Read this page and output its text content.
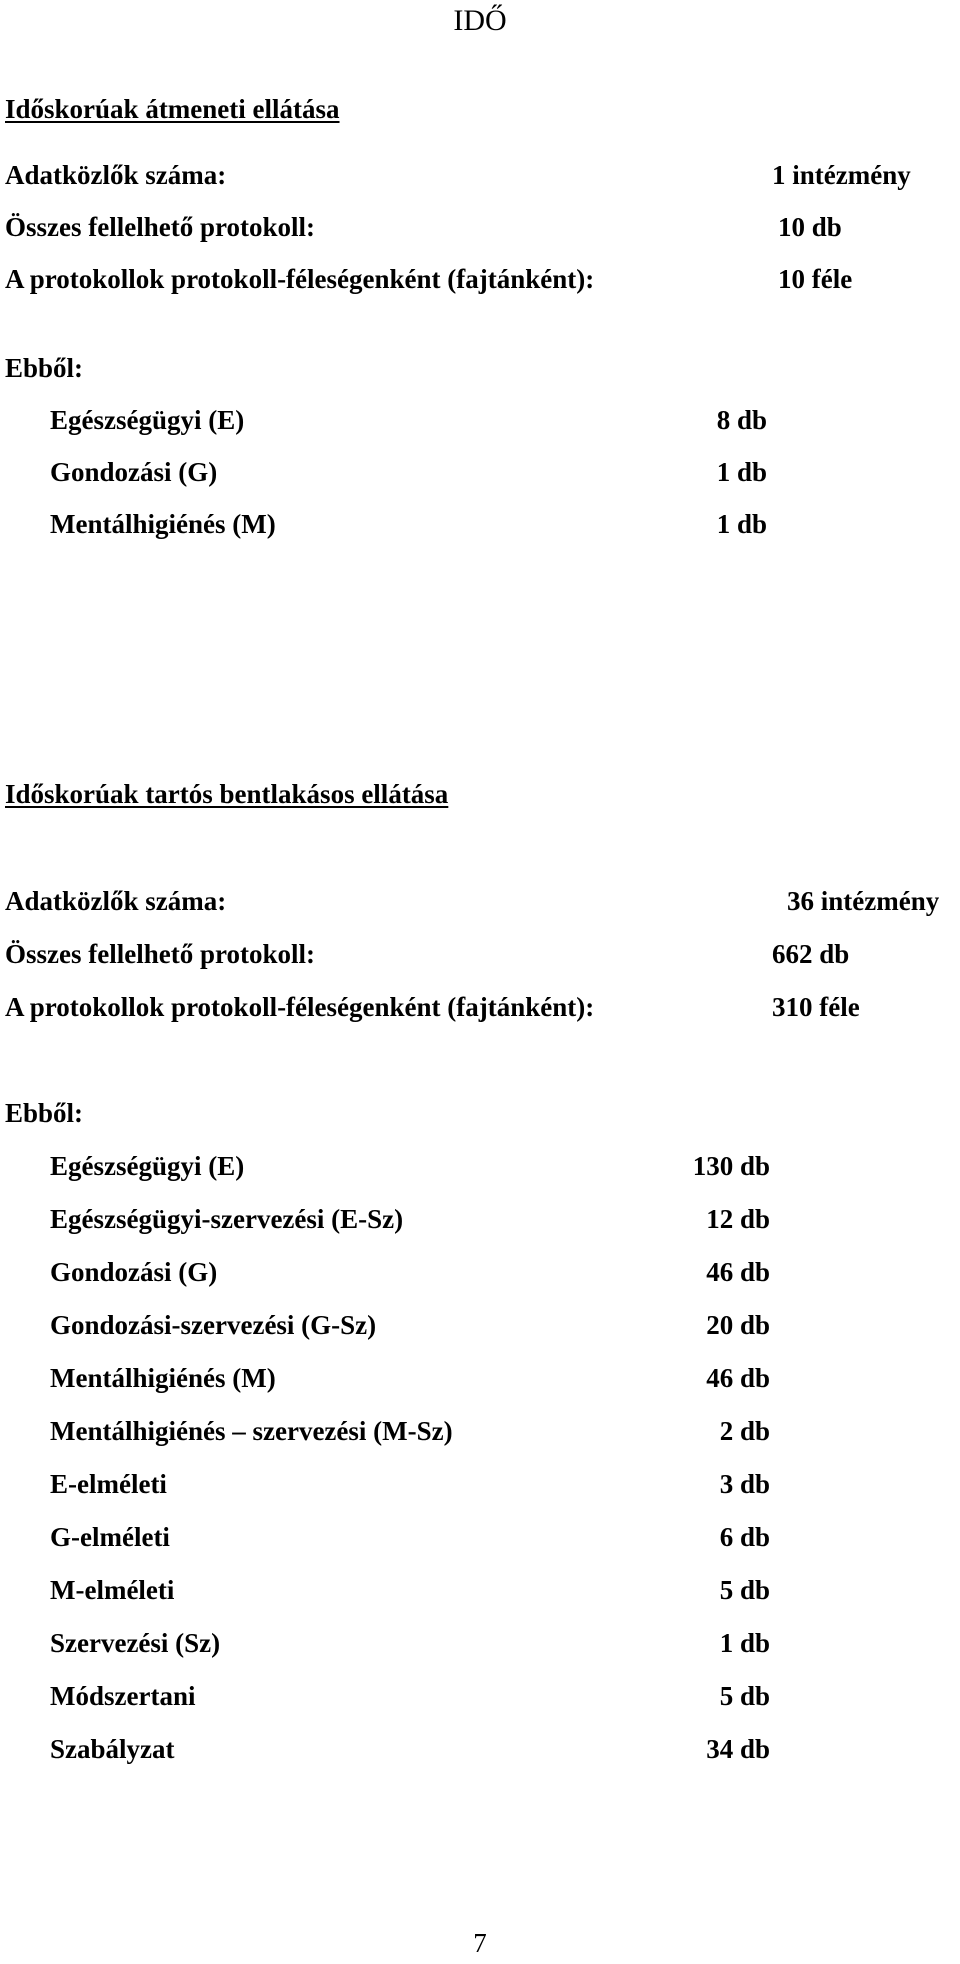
IDŐ
Időskorúak átmeneti ellátása
Adatközlők száma:	1 intézmény
Összes fellelhető protokoll:	10 db
A protokollok protokoll-féleségenként (fajtánként):	10 féle
Ebből:
Egészségügyi (E)	8 db
Gondozási (G)	1 db
Mentálhigiénés (M)	1 db
Időskorúak tartós bentlakásos ellátása
Adatközlők száma:	36 intézmény
Összes fellelhető protokoll:	662 db
A protokollok protokoll-féleségenként (fajtánként):	310 féle
Ebből:
Egészségügyi (E)	130 db
Egészségügyi-szervezési (E-Sz)	12 db
Gondozási (G)	46 db
Gondozási-szervezési (G-Sz)	20 db
Mentálhigiénés (M)	46 db
Mentálhigiénés – szervezési (M-Sz)	2 db
E-elméleti	3 db
G-elméleti	6 db
M-elméleti	5 db
Szervezési (Sz)	1 db
Módszertani	5 db
Szabályzat	34 db
7
